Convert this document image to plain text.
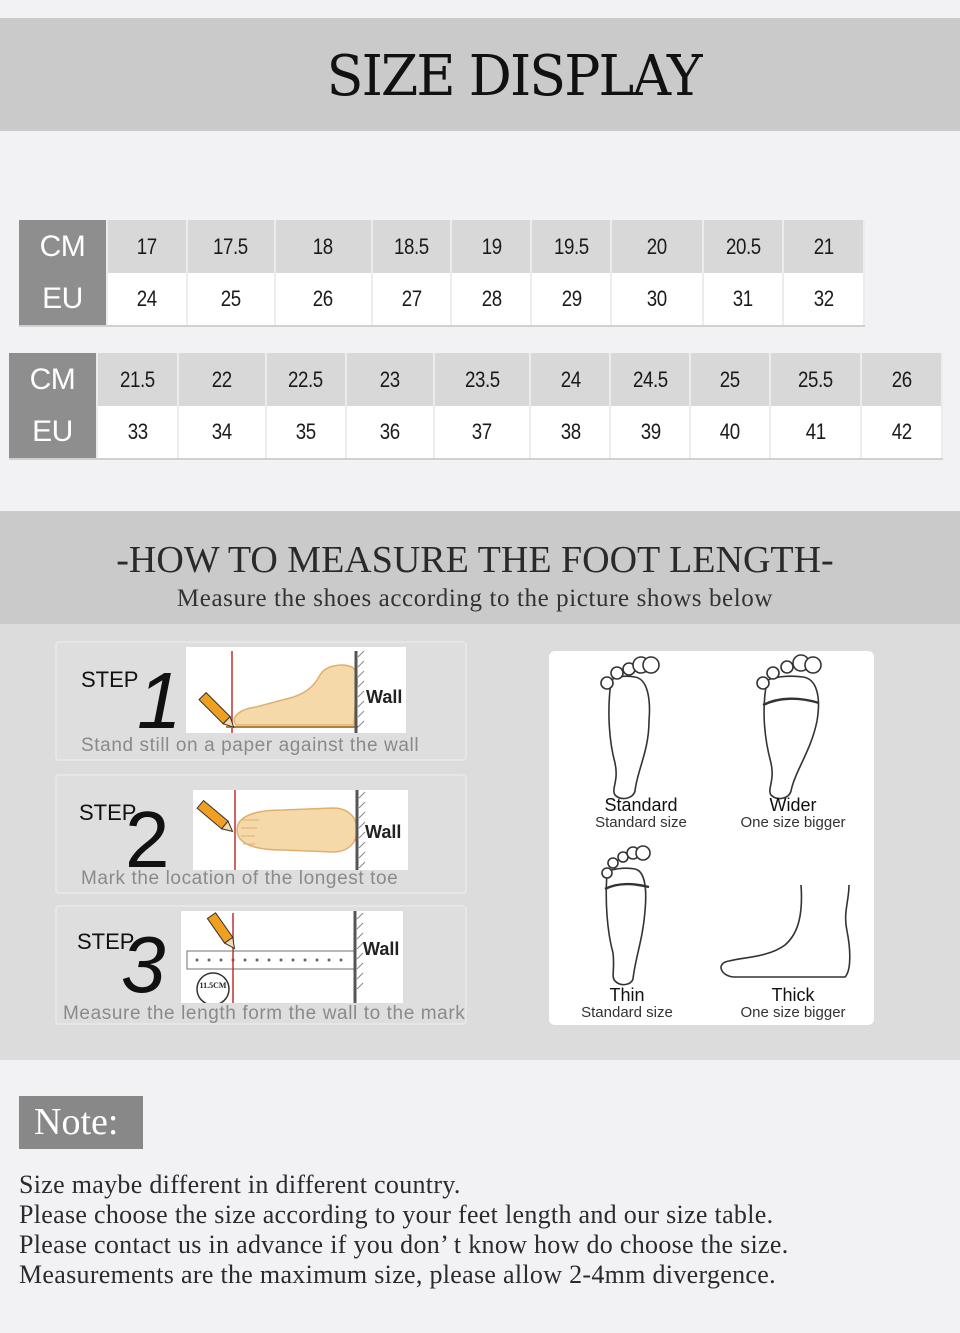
SIZE DISPLAY
CM	17	17.5	18	18.5	19	19.5	20	20.5	21
EU	24	25	26	27	28	29	30	31	32
CM	21.5	22	22.5	23	23.5	24	24.5	25	25.5	26
EU	33	34	35	36	37	38	39	40	41	42
-HOW TO MEASURE THE FOOT LENGTH-
Measure the shoes according to the picture shows below
STEP
1	Wall
Stand still on a paper against the wall
STEP
2	Wall
Mark the location of the longest toe
STEP
3	11.5CM
Wall
Measure the length form the wall to the mark
Standard
Standard size
Wider
One size bigger
Thin
Standard size
Thick
One size bigger
Note:
Size maybe different in different country.
Please choose the size according to your feet length and our size table.
Please contact us in advance if you don’ t know how do choose the size.
Measurements are the maximum size, please allow 2-4mm divergence.
